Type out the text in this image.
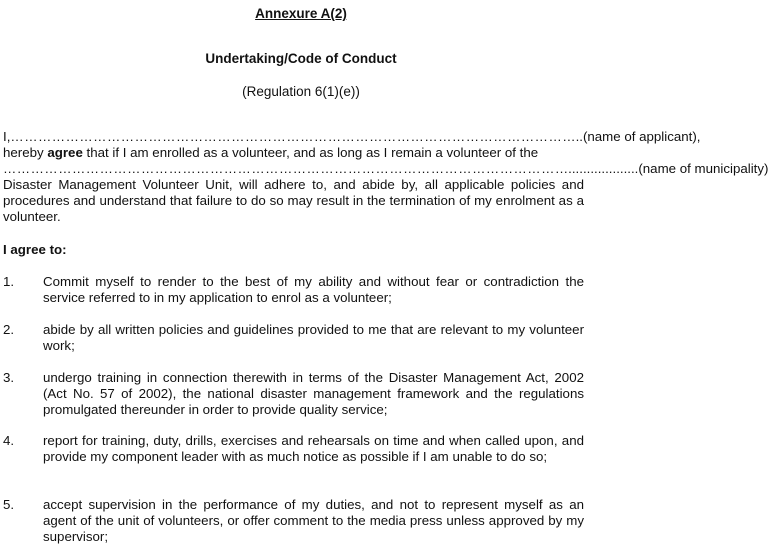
Annexure A(2)
Undertaking/Code of Conduct
(Regulation 6(1)(e))
I, ………………………………………………………………………………………………………… …..(name of applicant),
hereby agree that if I am enrolled as a volunteer, and as long as I remain a volunteer of the
………………………………………………………………………………………………………… …...................(name of municipality)
Disaster Management Volunteer Unit, will adhere to, and abide by, all applicable policies and procedures and understand that failure to do so may result in the termination of my enrolment as a volunteer.
I agree to:
1. Commit myself to render to the best of my ability and without fear or contradiction the service referred to in my application to enrol as a volunteer;
2. abide by all written policies and guidelines provided to me that are relevant to my volunteer work;
3. undergo training in connection therewith in terms of the Disaster Management Act, 2002 (Act No. 57 of 2002), the national disaster management framework and the regulations promulgated thereunder in order to provide quality service;
4. report for training, duty, drills, exercises and rehearsals on time and when called upon, and provide my component leader with as much notice as possible if I am unable to do so;
5. accept supervision in the performance of my duties, and not to represent myself as an agent of the unit of volunteers, or offer comment to the media press unless approved by my supervisor;
